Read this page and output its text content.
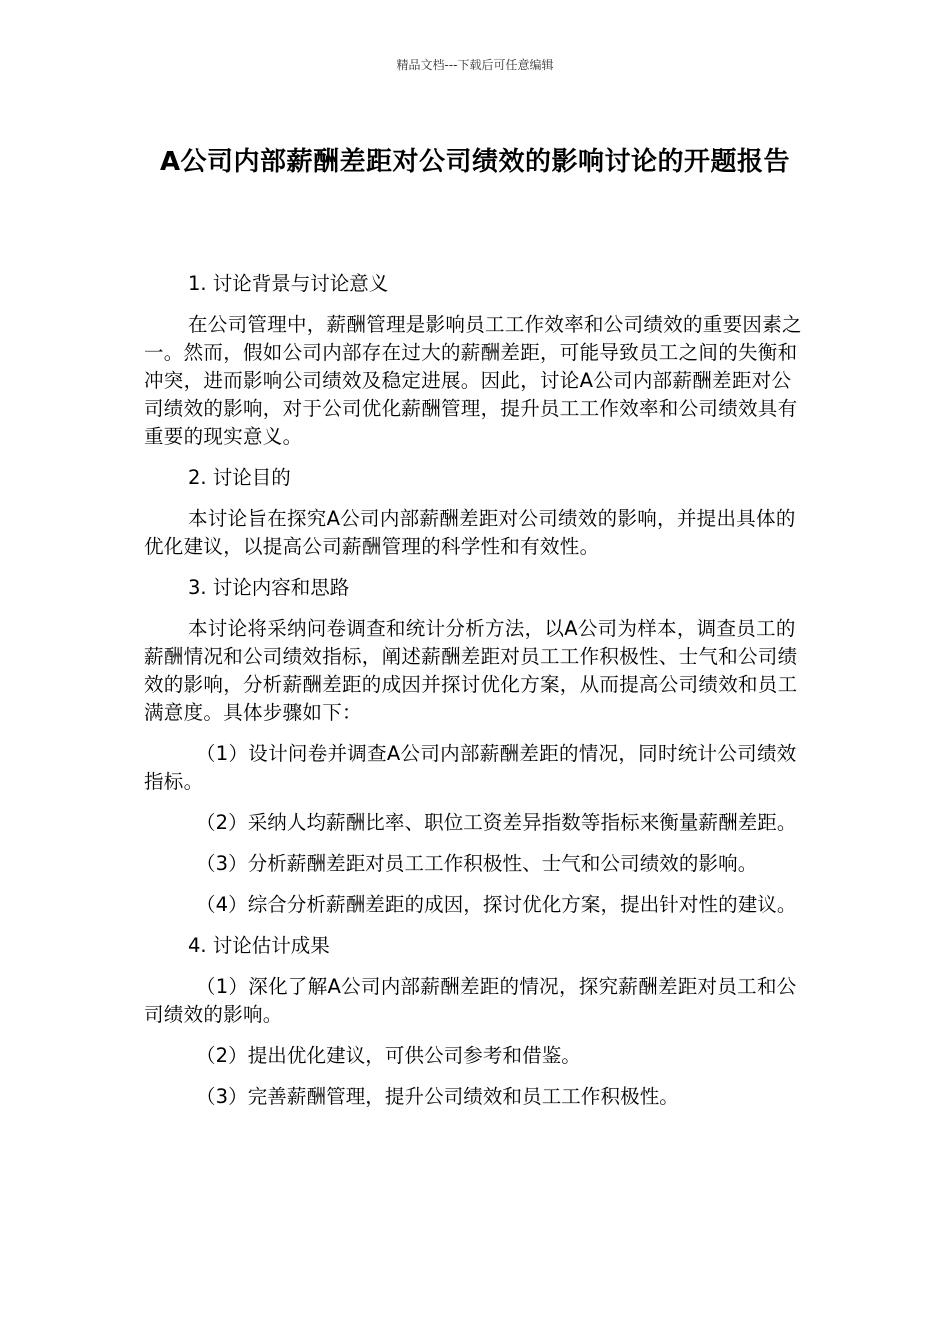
精品文档---下载后可任意编辑
A公司内部薪酬差距对公司绩效的影响讨论的开题报告

1. 讨论背景与讨论意义

在公司管理中，薪酬管理是影响员工工作效率和公司绩效的重要因素之一。然而，假如公司内部存在过大的薪酬差距，可能导致员工之间的失衡和冲突，进而影响公司绩效及稳定进展。因此，讨论A公司内部薪酬差距对公司绩效的影响，对于公司优化薪酬管理，提升员工工作效率和公司绩效具有重要的现实意义。

2. 讨论目的

本讨论旨在探究A公司内部薪酬差距对公司绩效的影响，并提出具体的优化建议，以提高公司薪酬管理的科学性和有效性。

3. 讨论内容和思路

本讨论将采纳问卷调查和统计分析方法，以A公司为样本，调查员工的薪酬情况和公司绩效指标，阐述薪酬差距对员工工作积极性、士气和公司绩效的影响，分析薪酬差距的成因并探讨优化方案，从而提高公司绩效和员工满意度。具体步骤如下：

（1）设计问卷并调查A公司内部薪酬差距的情况，同时统计公司绩效指标。

（2）采纳人均薪酬比率、职位工资差异指数等指标来衡量薪酬差距。

（3）分析薪酬差距对员工工作积极性、士气和公司绩效的影响。

（4）综合分析薪酬差距的成因，探讨优化方案，提出针对性的建议。

4. 讨论估计成果

（1）深化了解A公司内部薪酬差距的情况，探究薪酬差距对员工和公司绩效的影响。

（2）提出优化建议，可供公司参考和借鉴。

（3）完善薪酬管理，提升公司绩效和员工工作积极性。
